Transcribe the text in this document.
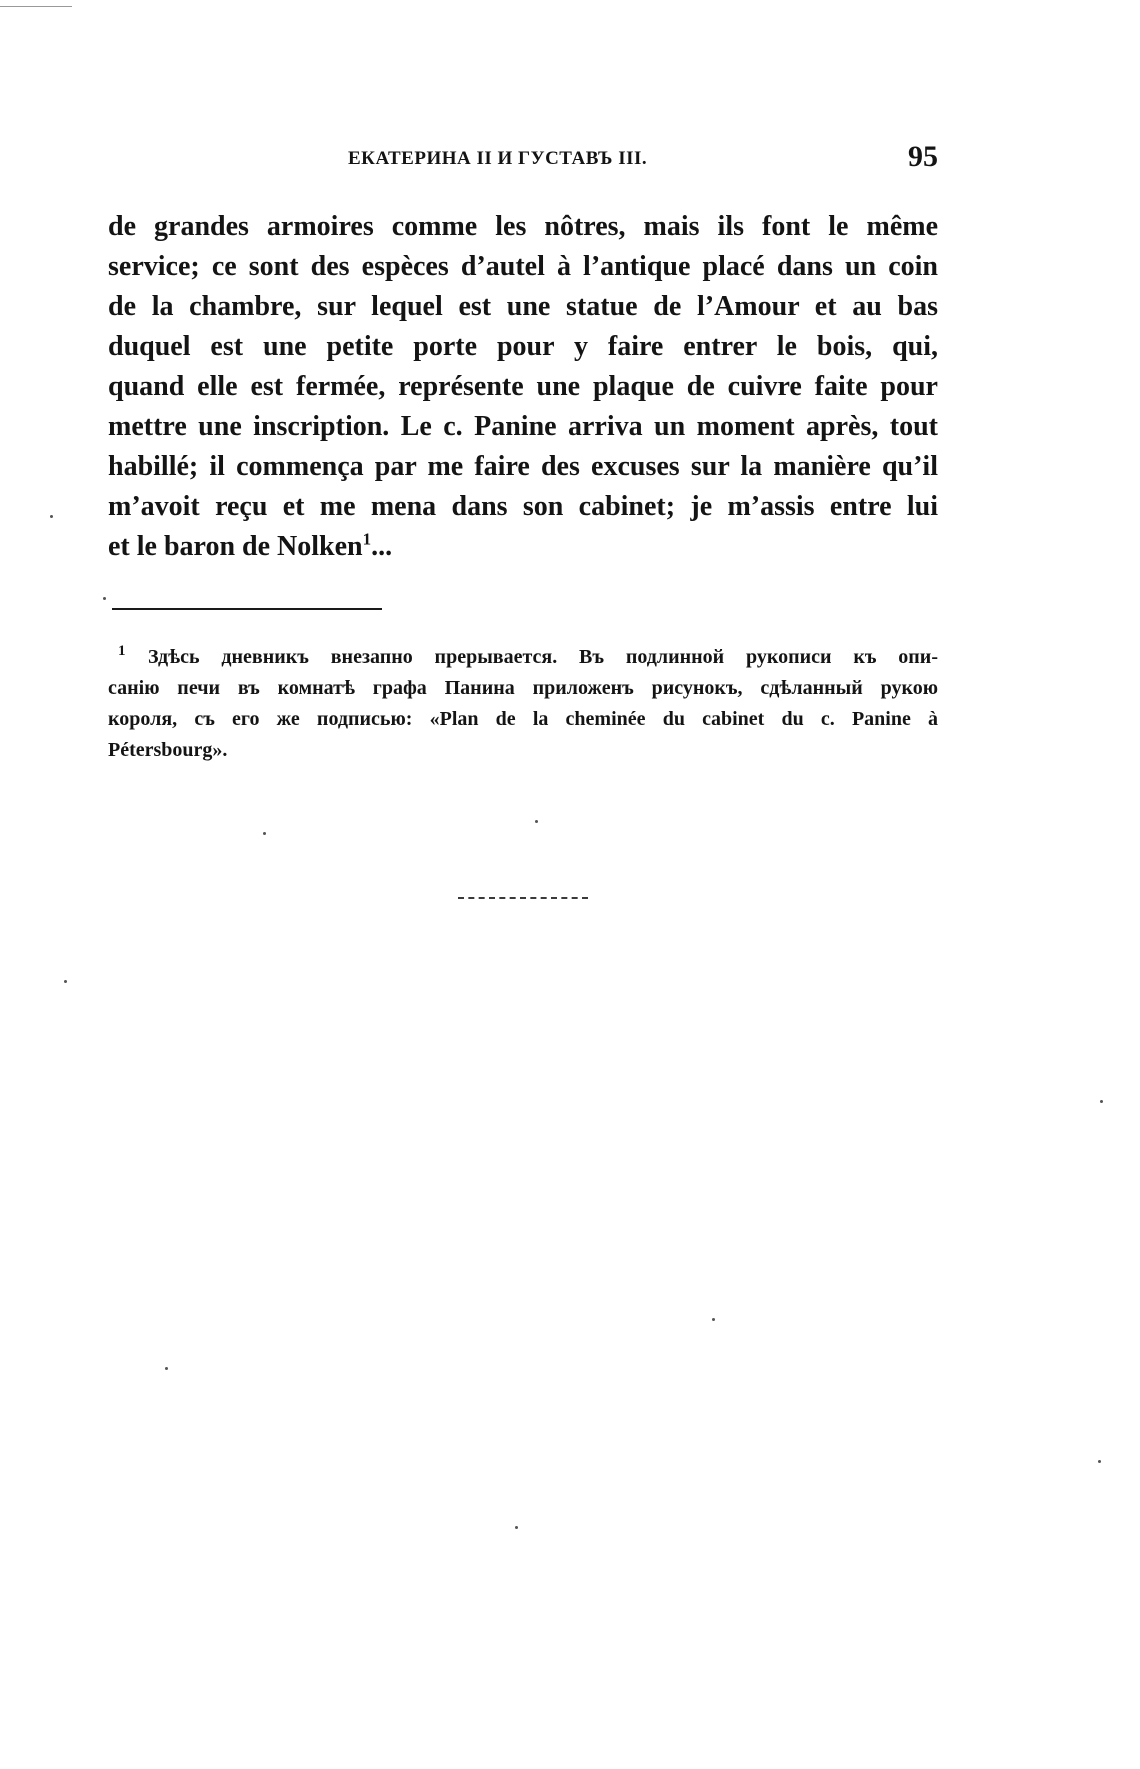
ЕКАТЕРИНА II И ГУСТАВЪ III.	95
de grandes armoires comme les nôtres, mais ils font le même
service; ce sont des espèces d’autel à l’antique placé dans un coin
de la chambre, sur lequel est une statue de l’Amour et au bas
duquel est une petite porte pour y faire entrer le bois, qui,
quand elle est fermée, représente une plaque de cuivre faite pour
mettre une inscription. Le c. Panine arriva un moment après, tout
habillé; il commença par me faire des excuses sur la manière qu’il
m’avoit reçu et me mena dans son cabinet; je m’assis entre lui
et le baron de Nolken$^1$...
1 Здѣсь дневникъ внезапно прерывается. Въ подлинной рукописи къ опи-
санію печи въ комнатѣ графа Панина приложенъ рисунокъ, сдѣланный рукою
короля, съ его же подписью: «Plan de la cheminée du cabinet du c. Panine à
Pétersbourg».
